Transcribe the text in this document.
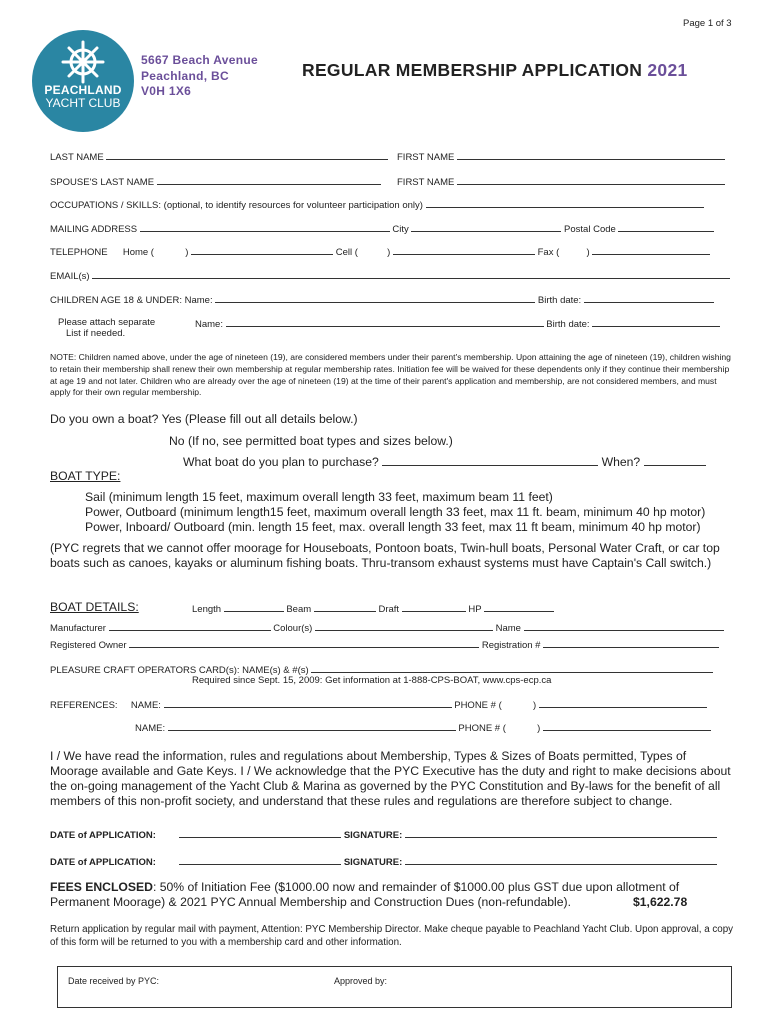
Page 1 of 3
PEACHLAND
YACHT CLUB
5667 Beach Avenue
Peachland, BC
V0H 1X6
REGULAR MEMBERSHIP APPLICATION 2021
LAST NAME	FIRST NAME
SPOUSE'S LAST NAME	FIRST NAME
OCCUPATIONS / SKILLS: (optional, to identify resources for volunteer participation only)
MAILING ADDRESS	City	Postal Code
TELEPHONE Home (	)	Cell (	)	Fax (	)
EMAIL(s)
CHILDREN AGE 18 & UNDER: Name:	Birth date:
Please attach separate
List if needed.
Name:	Birth date:
NOTE: Children named above, under the age of nineteen (19), are considered members under their parent's membership. Upon attaining the age of nineteen (19), children wishing to retain their membership shall renew their own membership at regular membership rates. Initiation fee will be waived for these dependents only if they continue their membership at age 19 and not later. Children who are already over the age of nineteen (19) at the time of their parent's application and membership, are not considered members, and must apply for their own regular membership.
Do you own a boat? Yes (Please fill out all details below.)
No (If no, see permitted boat types and sizes below.)
What boat do you plan to purchase?	When?
BOAT TYPE:
Sail (minimum length 15 feet, maximum overall length 33 feet, maximum beam 11 feet)
Power, Outboard (minimum length15 feet, maximum overall length 33 feet, max 11 ft. beam, minimum 40 hp motor)
Power, Inboard/ Outboard (min. length 15 feet, max. overall length 33 feet, max 11 ft beam, minimum 40 hp motor)
(PYC regrets that we cannot offer moorage for Houseboats, Pontoon boats, Twin-hull boats, Personal Water Craft, or car top boats such as canoes, kayaks or aluminum fishing boats. Thru-transom exhaust systems must have Captain's Call switch.)
BOAT DETAILS:	Length	Beam	Draft	HP
Manufacturer	Colour(s)	Name
Registered Owner	Registration #
PLEASURE CRAFT OPERATORS CARD(s): NAME(s) & #(s)
Required since Sept. 15, 2009: Get information at 1-888-CPS-BOAT, www.cps-ecp.ca
REFERENCES: NAME:	PHONE # (	)
NAME:	PHONE # (	)
I / We have read the information, rules and regulations about Membership, Types & Sizes of Boats permitted, Types of Moorage available and Gate Keys. I / We acknowledge that the PYC Executive has the duty and right to make decisions about the on-going management of the Yacht Club & Marina as governed by the PYC Constitution and By-laws for the benefit of all members of this non-profit society, and understand that these rules and regulations are therefore subject to change.
DATE of APPLICATION:	SIGNATURE:
DATE of APPLICATION:	SIGNATURE:
FEES ENCLOSED: 50% of Initiation Fee ($1000.00 now and remainder of $1000.00 plus GST due upon allotment of
Permanent Moorage) & 2021 PYC Annual Membership and Construction Dues (non-refundable).	$1,622.78
Return application by regular mail with payment, Attention: PYC Membership Director. Make cheque payable to Peachland Yacht Club. Upon approval, a copy of this form will be returned to you with a membership card and other information.
Date received by PYC:	Approved by:
